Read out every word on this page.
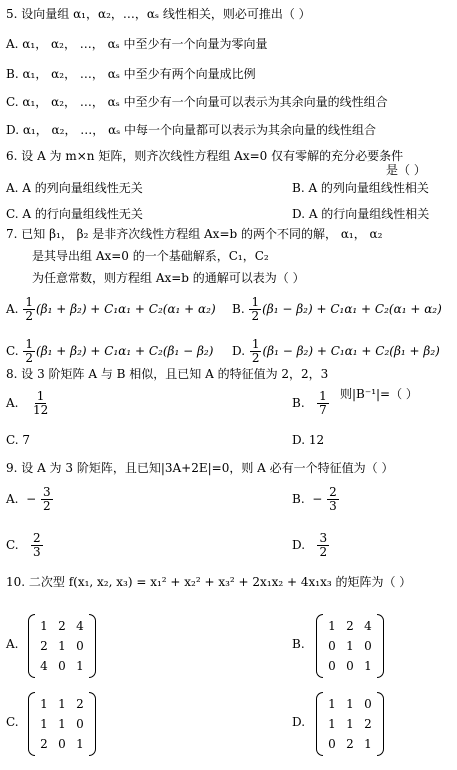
5. 设向量组 α₁，α₂，…，αₛ 线性相关，则必可推出（ ）
A. α₁， α₂， …， αₛ 中至少有一个向量为零向量
B. α₁， α₂， …， αₛ 中至少有两个向量成比例
C. α₁， α₂， …， αₛ 中至少有一个向量可以表示为其余向量的线性组合
D. α₁， α₂， …， αₛ 中每一个向量都可以表示为其余向量的线性组合
6. 设 A 为 m×n 矩阵，则齐次线性方程组 Ax=0 仅有零解的充分必要条件
是（ ）
A. A 的列向量组线性无关	B. A 的列向量组线性相关
C. A 的行向量组线性无关	D. A 的行向量组线性相关
7. 已知 β₁， β₂ 是非齐次线性方程组 Ax=b 的两个不同的解， α₁， α₂
是其导出组 Ax=0 的一个基础解系，C₁，C₂
为任意常数，则方程组 Ax=b 的通解可以表为（ ）
A. $\frac{1}{2} (\beta_1 + \beta_2) + C_1\alpha_1 + C_2(\alpha_1 + \alpha_2)$ B. $\frac{1}{2} (\beta_1 - \beta_2) + C_1\alpha_1 + C_2(\alpha_1 + \alpha_2)$
C. $\frac{1}{2} (\beta_1 + \beta_2) + C_1\alpha_1 + C_2(\beta_1 - \beta_2)$ D. $\frac{1}{2} (\beta_1 - \beta_2) + C_1\alpha_1 + C_2(\beta_1 + \beta_2)$
8. 设 3 阶矩阵 A 与 B 相似，且已知 A 的特征值为 2，2，3
则|B⁻¹|=（ ）
A. $\frac{1}{12}$	B. $\frac{1}{7}$
C. 7	D. 12
9. 设 A 为 3 阶矩阵，且已知|3A+2E|=0，则 A 必有一个特征值为（ ）
A. − $\frac{3}{2}$	B. − $\frac{2}{3}$
C. $\frac{2}{3}$	D. $\frac{3}{2}$
10. 二次型 f(x₁, x₂, x₃) = x₁² + x₂² + x₃² + 2x₁x₂ + 4x₁x₃ 的矩阵为（ ）
A.
1	2	4
2	1	0
4	0	1
B.
1	2	4
0	1	0
0	0	1
C.
1	1	2
1	1	0
2	0	1
D.
1	1	0
1	1	2
0	2	1
